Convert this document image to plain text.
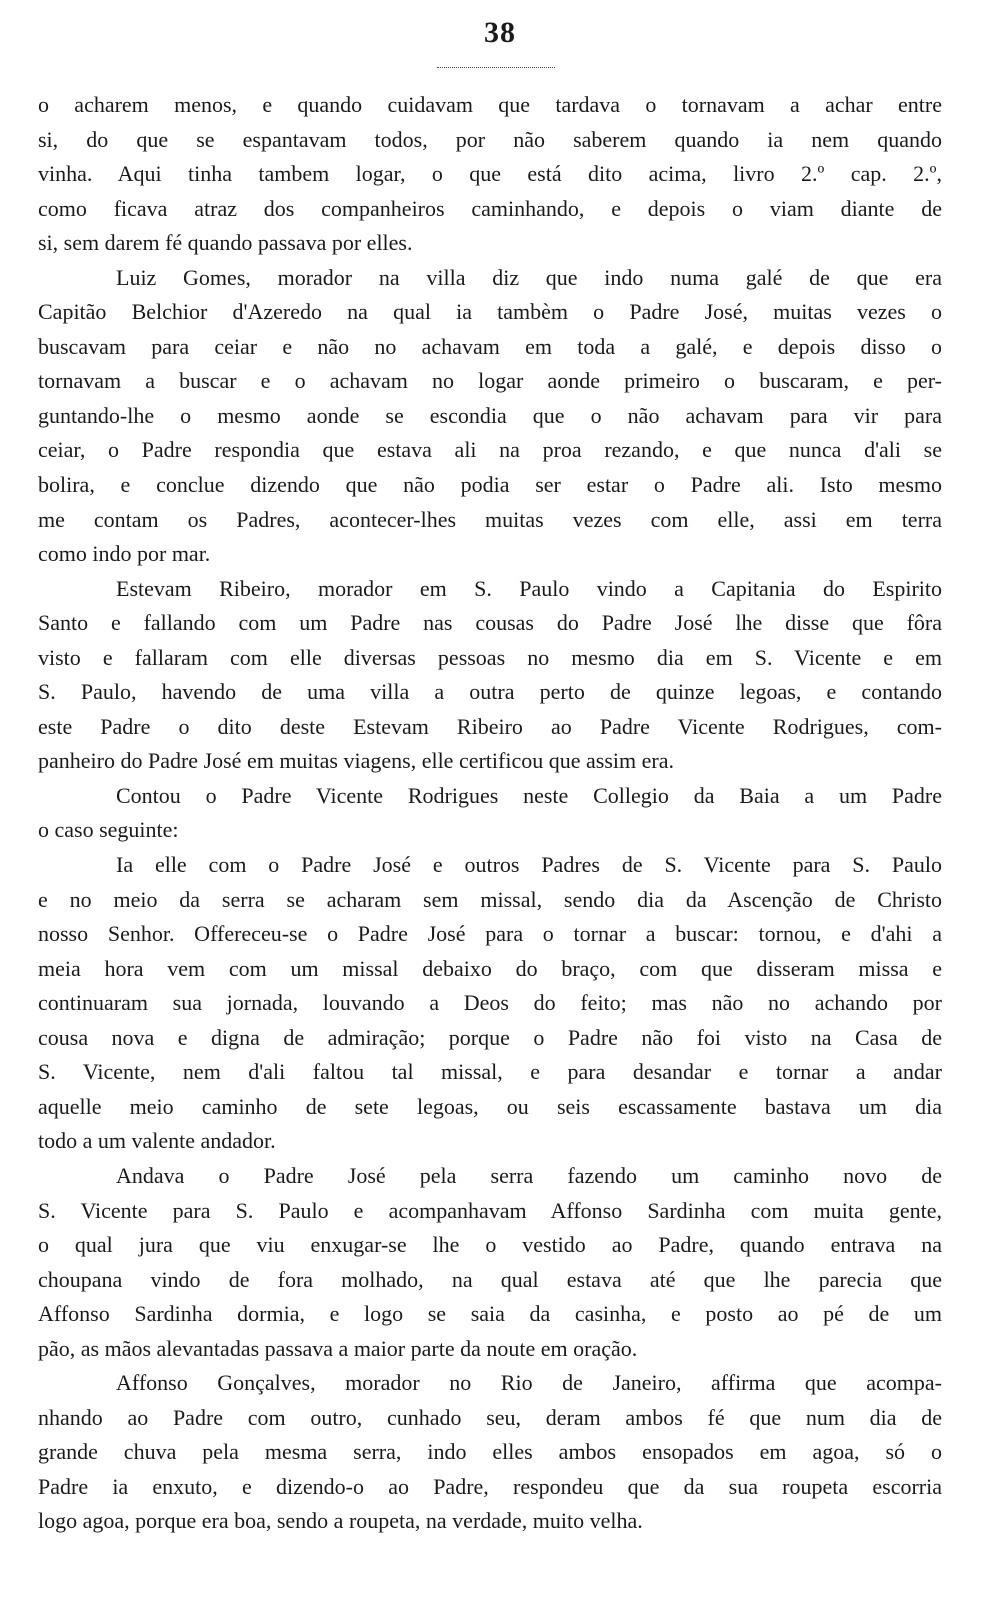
38
o acharem menos, e quando cuidavam que tardava o tornavam a achar entre
si, do que se espantavam todos, por não saberem quando ia nem quando
vinha. Aqui tinha tambem logar, o que está dito acima, livro 2.º cap. 2.º,
como ficava atraz dos companheiros caminhando, e depois o viam diante de
si, sem darem fé quando passava por elles.
Luiz Gomes, morador na villa diz que indo numa galé de que era
Capitão Belchior d'Azeredo na qual ia tambèm o Padre José, muitas vezes o
buscavam para ceiar e não no achavam em toda a galé, e depois disso o
tornavam a buscar e o achavam no logar aonde primeiro o buscaram, e per-
guntando-lhe o mesmo aonde se escondia que o não achavam para vir para
ceiar, o Padre respondia que estava ali na proa rezando, e que nunca d'ali se
bolira, e conclue dizendo que não podia ser estar o Padre ali. Isto mesmo
me contam os Padres, acontecer-lhes muitas vezes com elle, assi em terra
como indo por mar.
Estevam Ribeiro, morador em S. Paulo vindo a Capitania do Espirito
Santo e fallando com um Padre nas cousas do Padre José lhe disse que fôra
visto e fallaram com elle diversas pessoas no mesmo dia em S. Vicente e em
S. Paulo, havendo de uma villa a outra perto de quinze legoas, e contando
este Padre o dito deste Estevam Ribeiro ao Padre Vicente Rodrigues, com-
panheiro do Padre José em muitas viagens, elle certificou que assim era.
Contou o Padre Vicente Rodrigues neste Collegio da Baia a um Padre
o caso seguinte:
Ia elle com o Padre José e outros Padres de S. Vicente para S. Paulo
e no meio da serra se acharam sem missal, sendo dia da Ascenção de Christo
nosso Senhor. Offereceu-se o Padre José para o tornar a buscar: tornou, e d'ahi a
meia hora vem com um missal debaixo do braço, com que disseram missa e
continuaram sua jornada, louvando a Deos do feito; mas não no achando por
cousa nova e digna de admiração; porque o Padre não foi visto na Casa de
S. Vicente, nem d'ali faltou tal missal, e para desandar e tornar a andar
aquelle meio caminho de sete legoas, ou seis escassamente bastava um dia
todo a um valente andador.
Andava o Padre José pela serra fazendo um caminho novo de
S. Vicente para S. Paulo e acompanhavam Affonso Sardinha com muita gente,
o qual jura que viu enxugar-se lhe o vestido ao Padre, quando entrava na
choupana vindo de fora molhado, na qual estava até que lhe parecia que
Affonso Sardinha dormia, e logo se saia da casinha, e posto ao pé de um
pão, as mãos alevantadas passava a maior parte da noute em oração.
Affonso Gonçalves, morador no Rio de Janeiro, affirma que acompa-
nhando ao Padre com outro, cunhado seu, deram ambos fé que num dia de
grande chuva pela mesma serra, indo elles ambos ensopados em agoa, só o
Padre ia enxuto, e dizendo-o ao Padre, respondeu que da sua roupeta escorria
logo agoa, porque era boa, sendo a roupeta, na verdade, muito velha.
